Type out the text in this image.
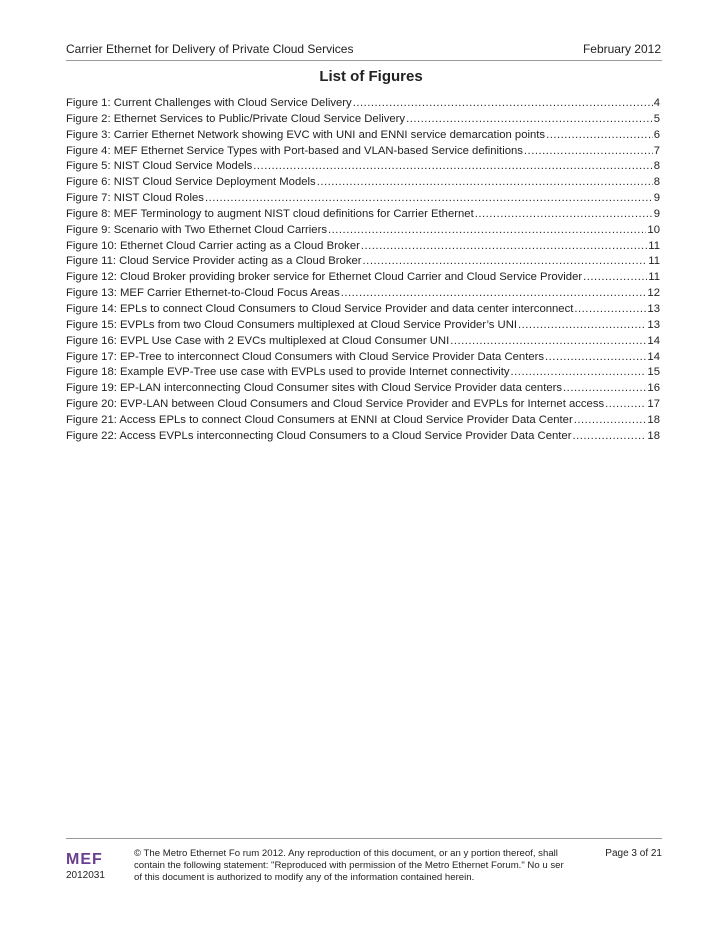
Carrier Ethernet for Delivery of Private Cloud Services	February 2012
List of Figures
Figure 1: Current Challenges with Cloud Service Delivery .....	4
Figure 2: Ethernet Services to Public/Private Cloud Service Delivery .....	5
Figure 3: Carrier Ethernet Network showing EVC with UNI and ENNI service demarcation points .....	6
Figure 4: MEF Ethernet Service Types with Port-based and VLAN-based Service definitions .....	7
Figure 5: NIST Cloud Service Models .....	8
Figure 6: NIST Cloud Service Deployment Models .....	8
Figure 7: NIST Cloud Roles .....	9
Figure 8: MEF Terminology to augment NIST cloud definitions for Carrier Ethernet .....	9
Figure 9: Scenario with Two Ethernet Cloud Carriers .....	10
Figure 10: Ethernet Cloud Carrier acting as a Cloud Broker .....	11
Figure 11: Cloud Service Provider acting as a Cloud Broker .....	11
Figure 12: Cloud Broker providing broker service for Ethernet Cloud Carrier and Cloud Service Provider .....	11
Figure 13: MEF Carrier Ethernet-to-Cloud Focus Areas .....	12
Figure 14: EPLs to connect Cloud Consumers to Cloud Service Provider and data center interconnect .....	13
Figure 15: EVPLs from two Cloud Consumers multiplexed at Cloud Service Provider’s UNI .....	13
Figure 16: EVPL Use Case with 2 EVCs multiplexed at Cloud Consumer UNI .....	14
Figure 17: EP-Tree to interconnect Cloud Consumers with Cloud Service Provider Data Centers .....	14
Figure 18: Example EVP-Tree use case with EVPLs used to provide Internet connectivity .....	15
Figure 19: EP-LAN interconnecting Cloud Consumer sites with Cloud Service Provider data centers .....	16
Figure 20: EVP-LAN between Cloud Consumers and Cloud Service Provider and EVPLs for Internet access .....	17
Figure 21: Access EPLs to connect Cloud Consumers at ENNI at Cloud Service Provider Data Center .....	18
Figure 22: Access EVPLs interconnecting Cloud Consumers to a Cloud Service Provider Data Center .....	18
MEF
2012031
© The Metro Ethernet Fo rum 2012. Any reproduction of this document, or an y portion thereof, shall
contain the following statement: "Reproduced with permission of the Metro Ethernet Forum." No u ser
of this document is authorized to modify any of the information contained herein.
Page 3 of 21
